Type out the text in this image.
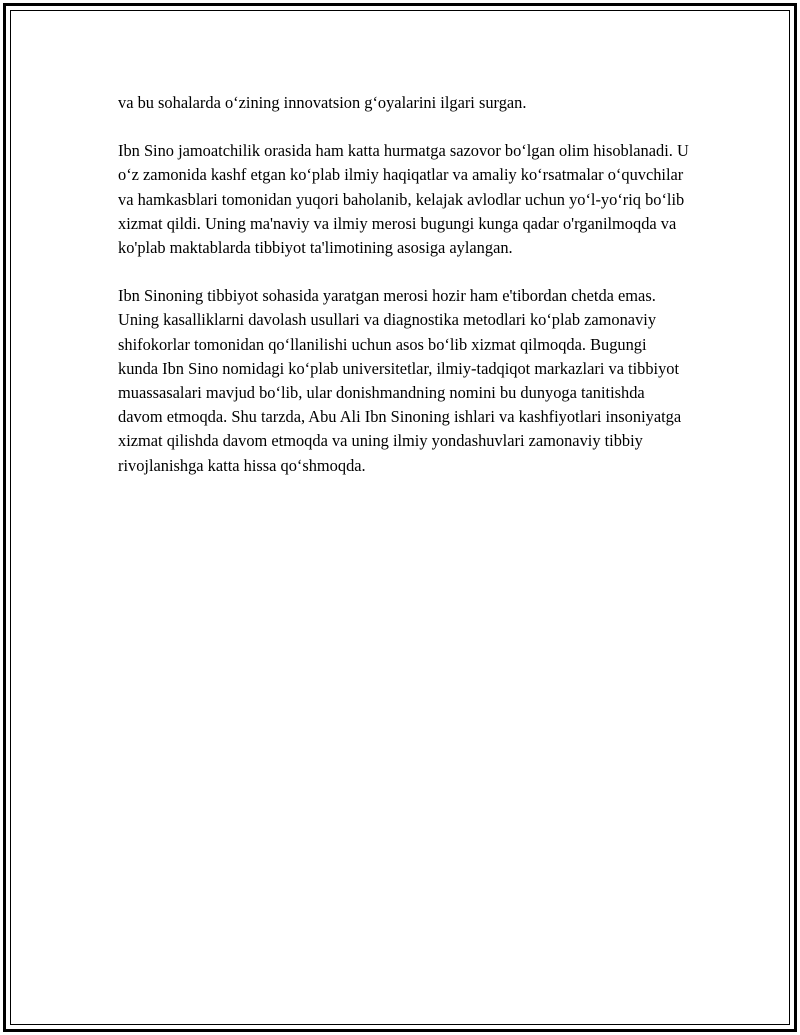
va bu sohalarda oʻzining innovatsion gʻoyalarini ilgari surgan.

Ibn Sino jamoatchilik orasida ham katta hurmatga sazovor boʻlgan olim hisoblanadi. U oʻz zamonida kashf etgan koʻplab ilmiy haqiqatlar va amaliy koʻrsatmalar oʻquvchilar va hamkasblari tomonidan yuqori baholanib, kelajak avlodlar uchun yoʻl-yoʻriq boʻlib xizmat qildi. Uning ma'naviy va ilmiy merosi bugungi kunga qadar o'rganilmoqda va ko'plab maktablarda tibbiyot ta'limotining asosiga aylangan.

Ibn Sinoning tibbiyot sohasida yaratgan merosi hozir ham e'tibordan chetda emas. Uning kasalliklarni davolash usullari va diagnostika metodlari koʻplab zamonaviy shifokorlar tomonidan qoʻllanilishi uchun asos boʻlib xizmat qilmoqda. Bugungi kunda Ibn Sino nomidagi koʻplab universitetlar, ilmiy-tadqiqot markazlari va tibbiyot muassasalari mavjud boʻlib, ular donishmandning nomini bu dunyoga tanitishda davom etmoqda. Shu tarzda, Abu Ali Ibn Sinoning ishlari va kashfiyotlari insoniyatga xizmat qilishda davom etmoqda va uning ilmiy yondashuvlari zamonaviy tibbiy rivojlanishga katta hissa qoʻshmoqda.
